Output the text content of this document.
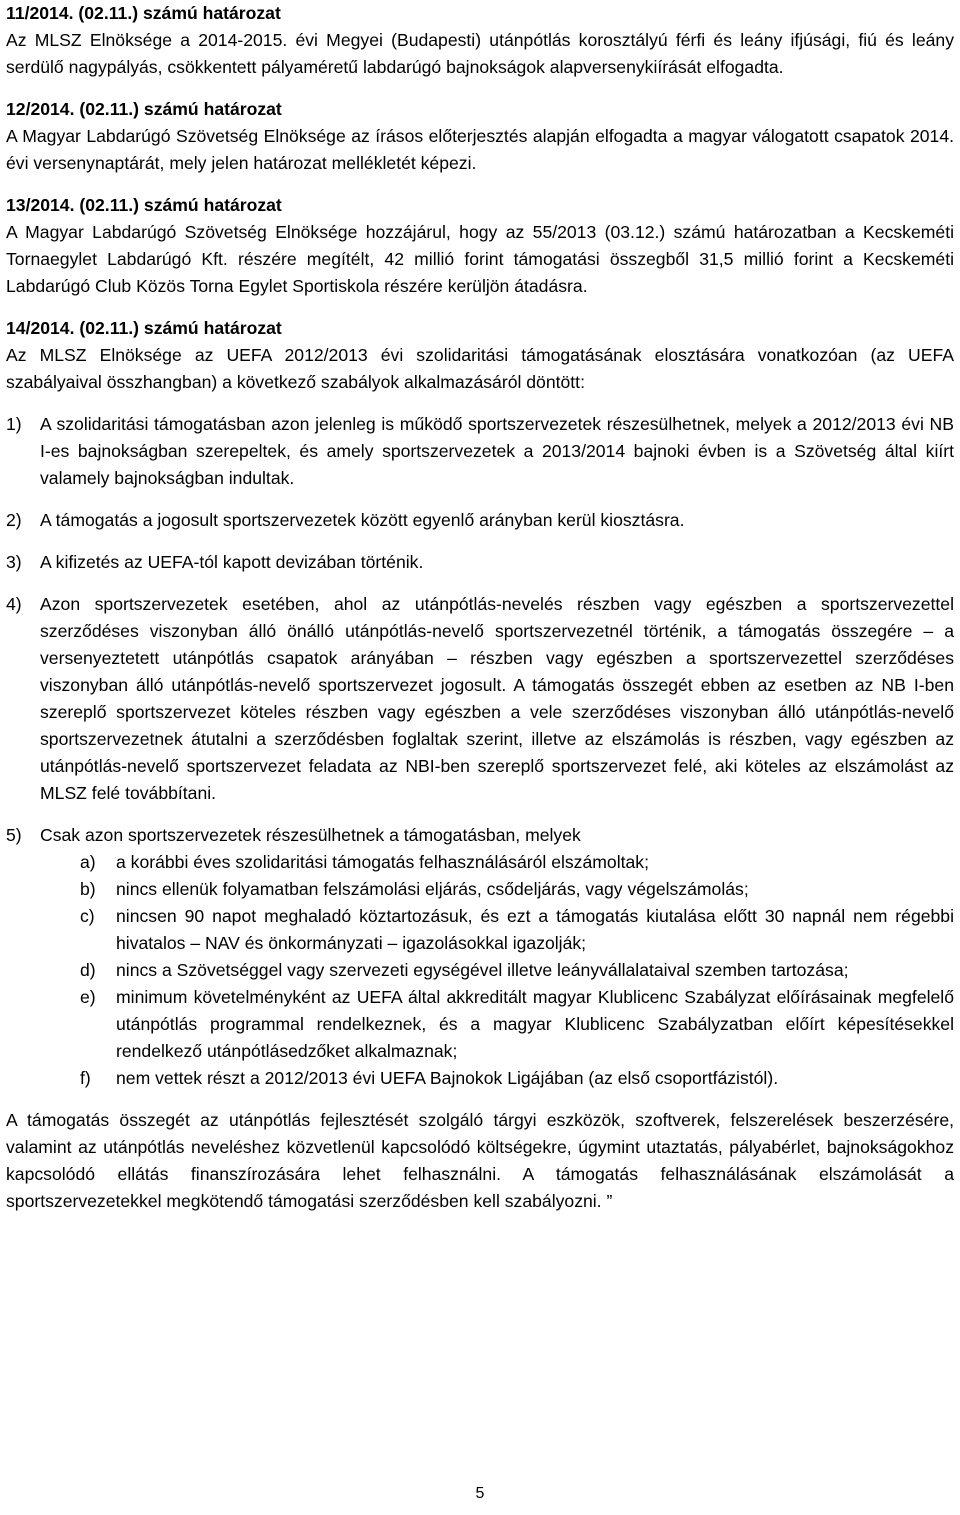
11/2014. (02.11.) számú határozat
Az MLSZ Elnöksége a 2014-2015. évi Megyei (Budapesti) utánpótlás korosztályú férfi és leány ifjúsági, fiú és leány serdülő nagypályás, csökkentett pályaméretű labdarúgó bajnokságok alapversenykiírását elfogadta.
12/2014. (02.11.) számú határozat
A Magyar Labdarúgó Szövetség Elnöksége az írásos előterjesztés alapján elfogadta a magyar válogatott csapatok 2014. évi versenynaptárát, mely jelen határozat mellékletét képezi.
13/2014. (02.11.) számú határozat
A Magyar Labdarúgó Szövetség Elnöksége hozzájárul, hogy az 55/2013 (03.12.) számú határozatban a Kecskeméti Tornaegylet Labdarúgó Kft. részére megítélt, 42 millió forint támogatási összegből 31,5 millió forint a Kecskeméti Labdarúgó Club Közös Torna Egylet Sportiskola részére kerüljön átadásra.
14/2014. (02.11.) számú határozat
Az MLSZ Elnöksége az UEFA 2012/2013 évi szolidaritási támogatásának elosztására vonatkozóan (az UEFA szabályaival összhangban) a következő szabályok alkalmazásáról döntött:
1)	A szolidaritási támogatásban azon jelenleg is működő sportszervezetek részesülhetnek, melyek a 2012/2013 évi NB I-es bajnokságban szerepeltek, és amely sportszervezetek a 2013/2014 bajnoki évben is a Szövetség által kiírt valamely bajnokságban indultak.
2)	A támogatás a jogosult sportszervezetek között egyenlő arányban kerül kiosztásra.
3)	A kifizetés az UEFA-tól kapott devizában történik.
4)	Azon sportszervezetek esetében, ahol az utánpótlás-nevelés részben vagy egészben a sportszervezettel szerződéses viszonyban álló önálló utánpótlás-nevelő sportszervezetnél történik, a támogatás összegére – a versenyeztetett utánpótlás csapatok arányában – részben vagy egészben a sportszervezettel szerződéses viszonyban álló utánpótlás-nevelő sportszervezet jogosult. A támogatás összegét ebben az esetben az NB I-ben szereplő sportszervezet köteles részben vagy egészben a vele szerződéses viszonyban álló utánpótlás-nevelő sportszervezetnek átutalni a szerződésben foglaltak szerint, illetve az elszámolás is részben, vagy egészben az utánpótlás-nevelő sportszervezet feladata az NBI-ben szereplő sportszervezet felé, aki köteles az elszámolást az MLSZ felé továbbítani.
5)	Csak azon sportszervezetek részesülhetnek a támogatásban, melyek
a)	a korábbi éves szolidaritási támogatás felhasználásáról elszámoltak;
b)	nincs ellenük folyamatban felszámolási eljárás, csődeljárás, vagy végelszámolás;
c)	nincsen 90 napot meghaladó köztartozásuk, és ezt a támogatás kiutalása előtt 30 napnál nem régebbi hivatalos – NAV és önkormányzati – igazolásokkal igazolják;
d)	nincs a Szövetséggel vagy szervezeti egységével illetve leányvállalataival szemben tartozása;
e)	minimum követelményként az UEFA által akkreditált magyar Klublicenc Szabályzat előírásainak megfelelő utánpótlás programmal rendelkeznek, és a magyar Klublicenc Szabályzatban előírt képesítésekkel rendelkező utánpótlásedzőket alkalmaznak;
f)	nem vettek részt a 2012/2013 évi UEFA Bajnokok Ligájában (az első csoportfázistól).
A támogatás összegét az utánpótlás fejlesztését szolgáló tárgyi eszközök, szoftverek, felszerelések beszerzésére, valamint az utánpótlás neveléshez közvetlenül kapcsolódó költségekre, úgymint utaztatás, pályabérlet, bajnokságokhoz kapcsolódó ellátás finanszírozására lehet felhasználni. A támogatás felhasználásának elszámolását a sportszervezetekkel megkötendő támogatási szerződésben kell szabályozni. ”
5
